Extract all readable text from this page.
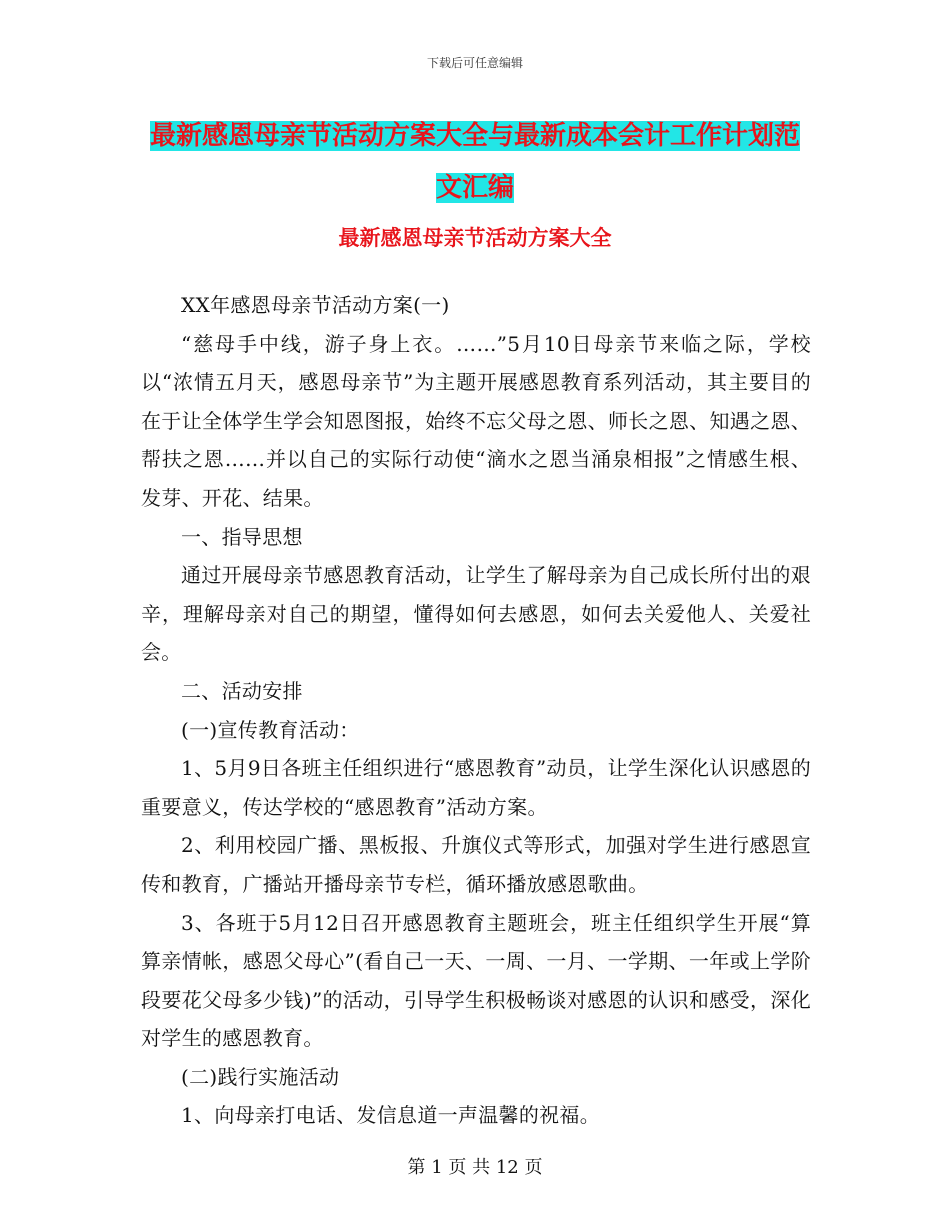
下载后可任意编辑
最新感恩母亲节活动方案大全与最新成本会计工作计划范文汇编
最新感恩母亲节活动方案大全

XX年感恩母亲节活动方案(一)

“慈母手中线，游子身上衣。……”5月10日母亲节来临之际，学校以“浓情五月天，感恩母亲节”为主题开展感恩教育系列活动，其主要目的在于让全体学生学会知恩图报，始终不忘父母之恩、师长之恩、知遇之恩、帮扶之恩……并以自己的实际行动使“滴水之恩当涌泉相报”之情感生根、发芽、开花、结果。

一、指导思想

通过开展母亲节感恩教育活动，让学生了解母亲为自己成长所付出的艰辛，理解母亲对自己的期望，懂得如何去感恩，如何去关爱他人、关爱社会。

二、活动安排

(一)宣传教育活动：

1、5月9日各班主任组织进行“感恩教育”动员，让学生深化认识感恩的重要意义，传达学校的“感恩教育”活动方案。

2、利用校园广播、黑板报、升旗仪式等形式，加强对学生进行感恩宣传和教育，广播站开播母亲节专栏，循环播放感恩歌曲。

3、各班于5月12日召开感恩教育主题班会，班主任组织学生开展“算算亲情帐，感恩父母心”(看自己一天、一周、一月、一学期、一年或上学阶段要花父母多少钱)”的活动，引导学生积极畅谈对感恩的认识和感受，深化对学生的感恩教育。

(二)践行实施活动

1、向母亲打电话、发信息道一声温馨的祝福。

第 1 页 共 12 页
